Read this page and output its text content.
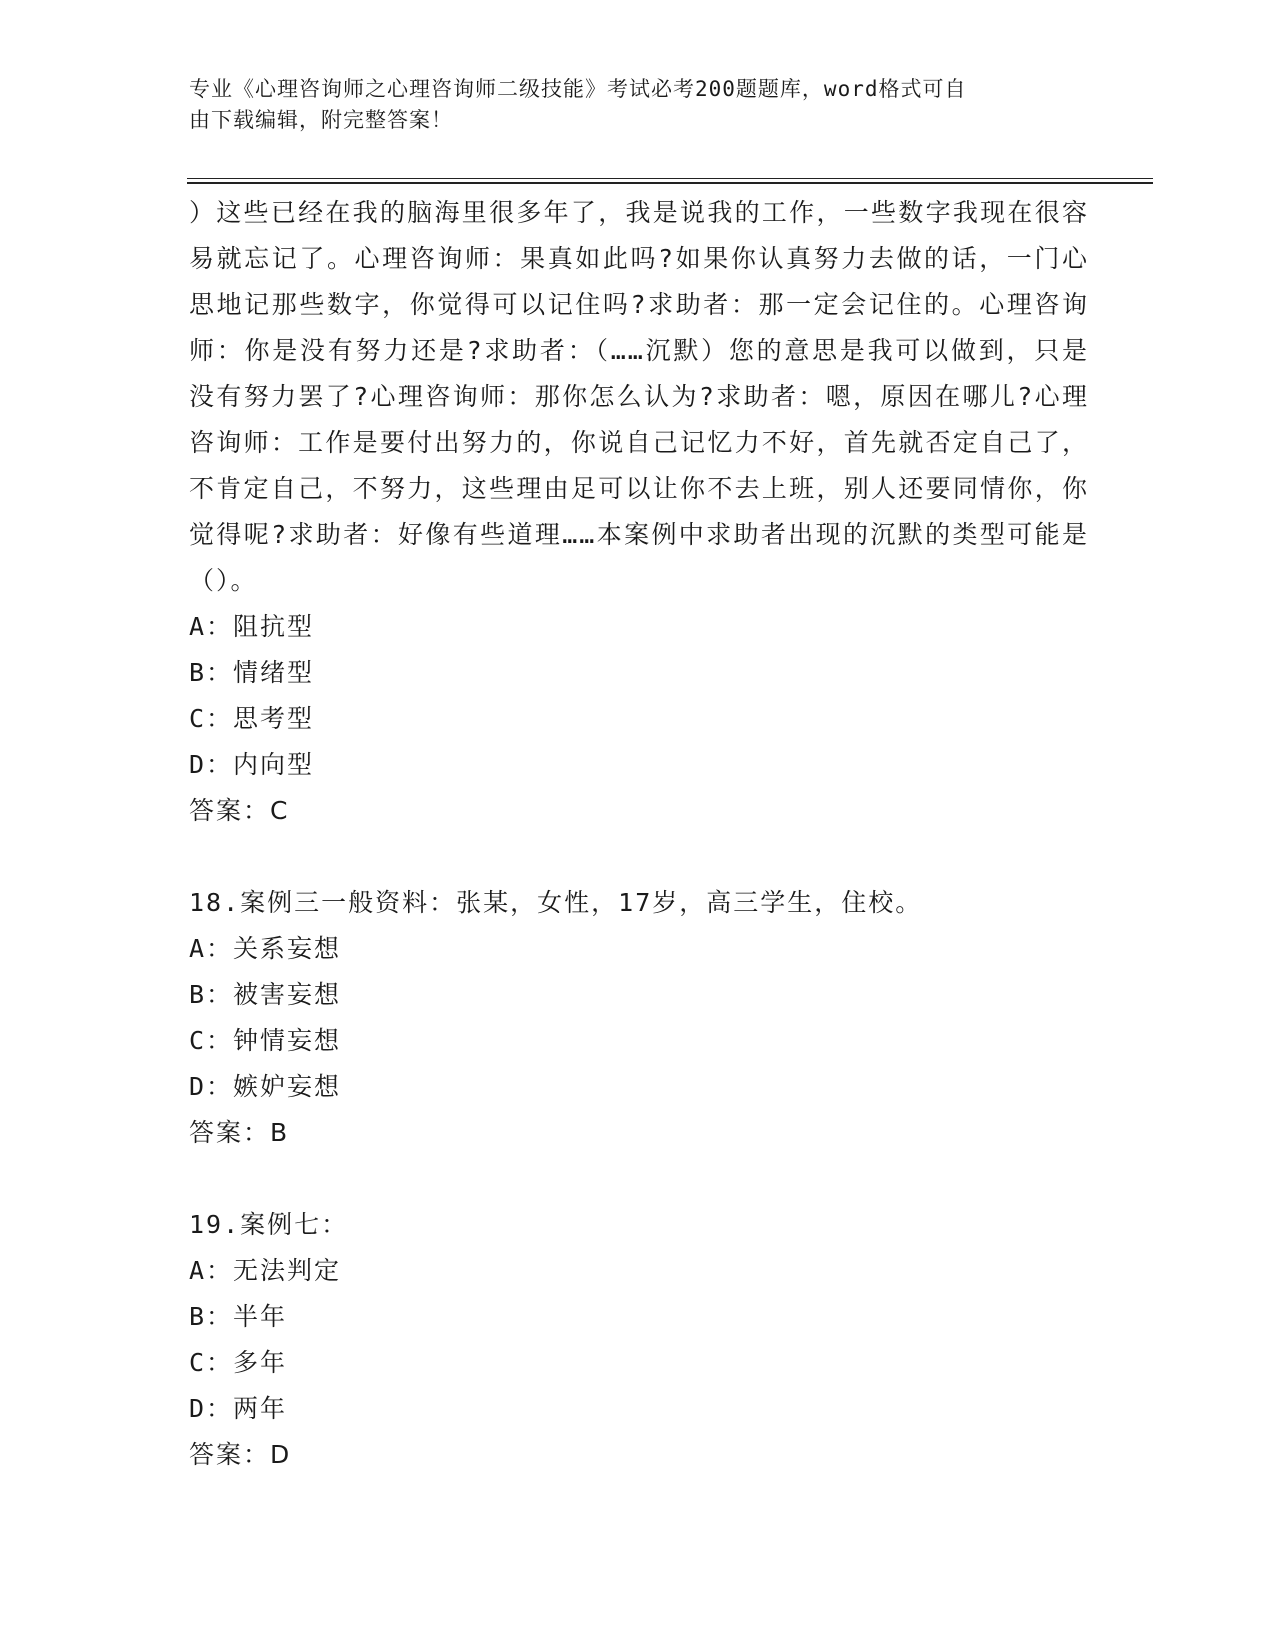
专业《心理咨询师之心理咨询师二级技能》考试必考200题题库，word格式可自
由下载编辑，附完整答案！
）这些已经在我的脑海里很多年了，我是说我的工作，一些数字我现在很容易就忘记了。心理咨询师：果真如此吗?如果你认真努力去做的话，一门心思地记那些数字，你觉得可以记住吗?求助者：那一定会记住的。心理咨询师：你是没有努力还是?求助者：（……沉默）您的意思是我可以做到，只是没有努力罢了?心理咨询师：那你怎么认为?求助者：嗯，原因在哪儿?心理咨询师：工作是要付出努力的，你说自己记忆力不好，首先就否定自己了，不肯定自己，不努力，这些理由足可以让你不去上班，别人还要同情你，你觉得呢?求助者：好像有些道理……本案例中求助者出现的沉默的类型可能是（）。
A：阻抗型
B：情绪型
C：思考型
D：内向型
答案：C
18.案例三一般资料：张某，女性，17岁，高三学生，住校。
A：关系妄想
B：被害妄想
C：钟情妄想
D：嫉妒妄想
答案：B
19.案例七：
A：无法判定
B：半年
C：多年
D：两年
答案：D
